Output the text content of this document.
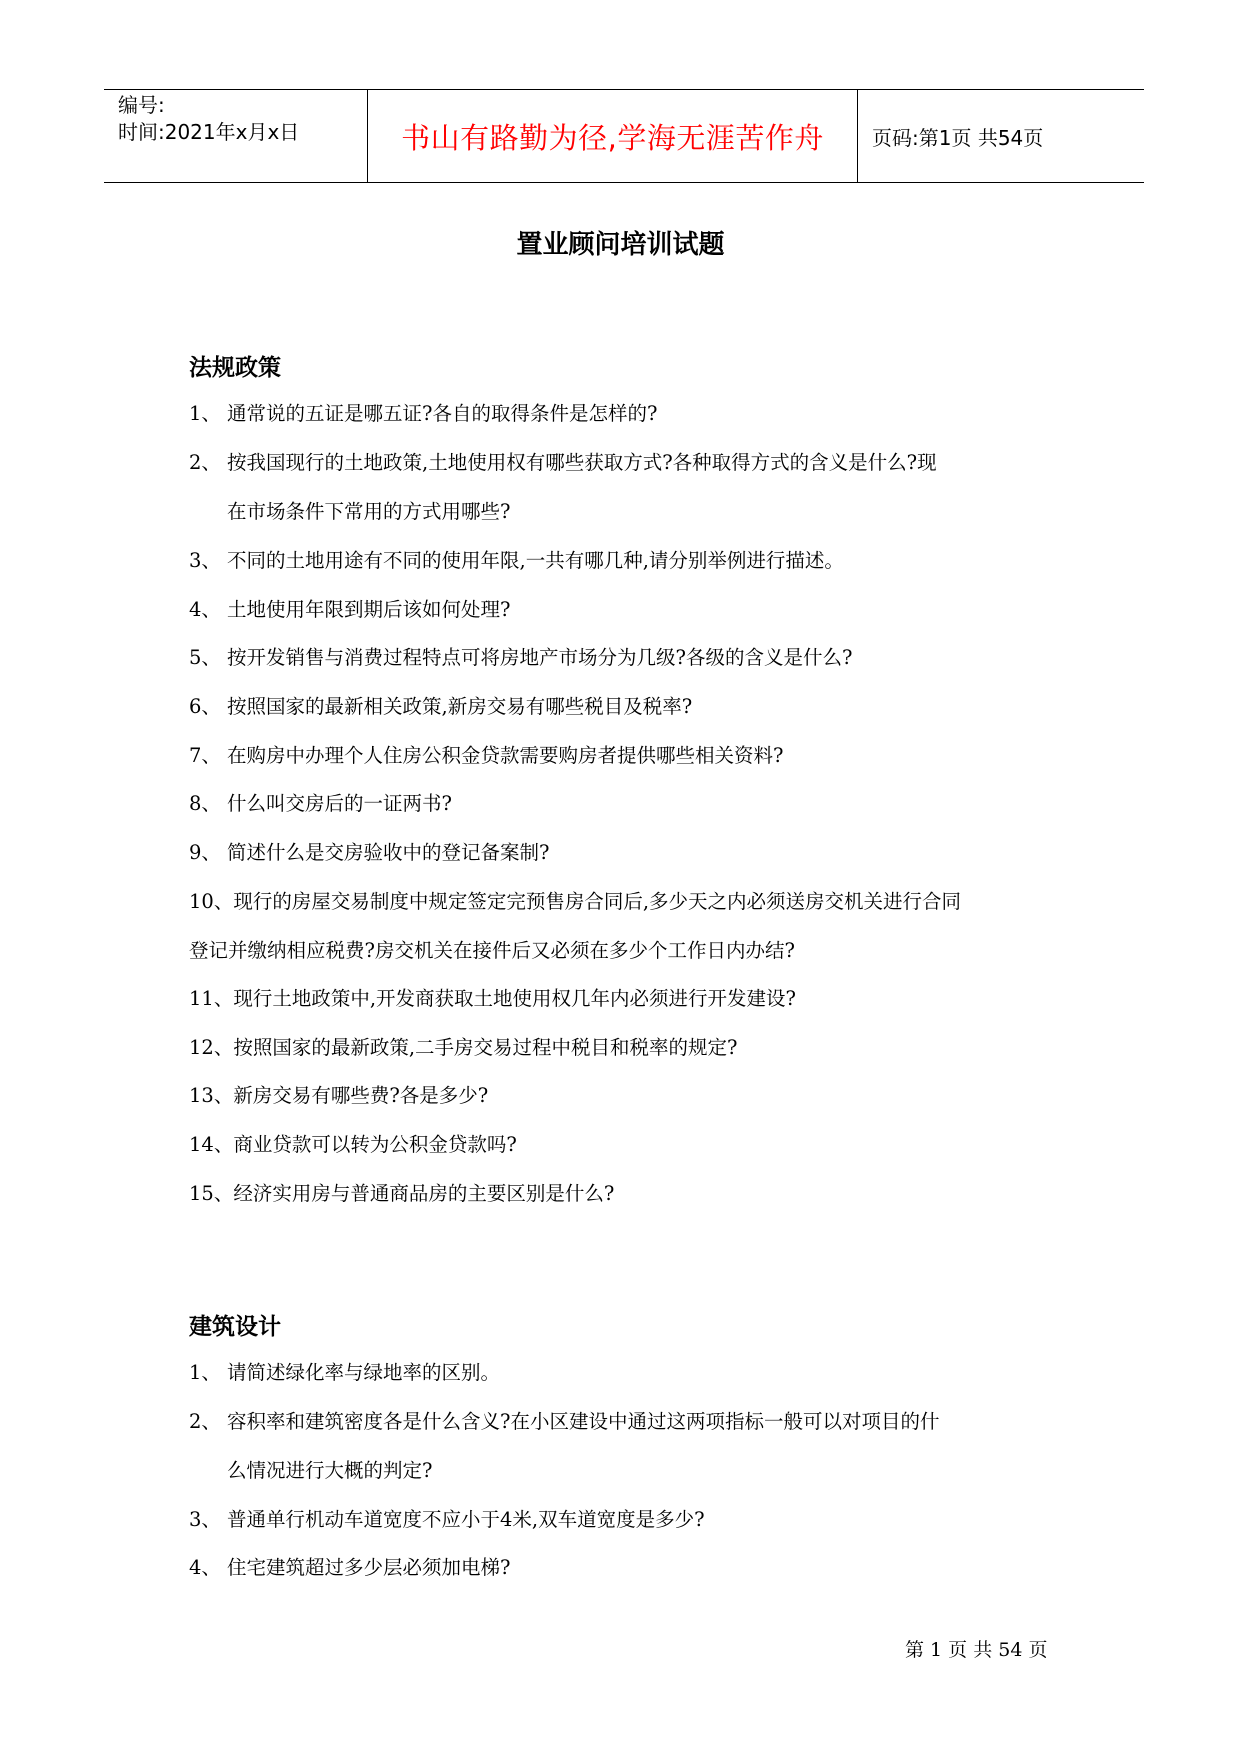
编号:
时间:2021年x月x日	书山有路勤为径,学海无涯苦作舟 页码:第1页 共54页
置业顾问培训试题
法规政策
1、 通常说的五证是哪五证?各自的取得条件是怎样的?
2、 按我国现行的土地政策,土地使用权有哪些获取方式?各种取得方式的含义是什么?现
在市场条件下常用的方式用哪些?
3、 不同的土地用途有不同的使用年限,一共有哪几种,请分别举例进行描述。
4、 土地使用年限到期后该如何处理?
5、 按开发销售与消费过程特点可将房地产市场分为几级?各级的含义是什么?
6、 按照国家的最新相关政策,新房交易有哪些税目及税率?
7、 在购房中办理个人住房公积金贷款需要购房者提供哪些相关资料?
8、 什么叫交房后的一证两书?
9、 简述什么是交房验收中的登记备案制?
10、现行的房屋交易制度中规定签定完预售房合同后,多少天之内必须送房交机关进行合同
登记并缴纳相应税费?房交机关在接件后又必须在多少个工作日内办结?
11、现行土地政策中,开发商获取土地使用权几年内必须进行开发建设?
12、按照国家的最新政策,二手房交易过程中税目和税率的规定?
13、新房交易有哪些费?各是多少?
14、商业贷款可以转为公积金贷款吗?
15、经济实用房与普通商品房的主要区别是什么?
建筑设计
1、 请简述绿化率与绿地率的区别。
2、 容积率和建筑密度各是什么含义?在小区建设中通过这两项指标一般可以对项目的什
么情况进行大概的判定?
3、 普通单行机动车道宽度不应小于4米,双车道宽度是多少?
4、 住宅建筑超过多少层必须加电梯?
第 1 页 共 54 页
